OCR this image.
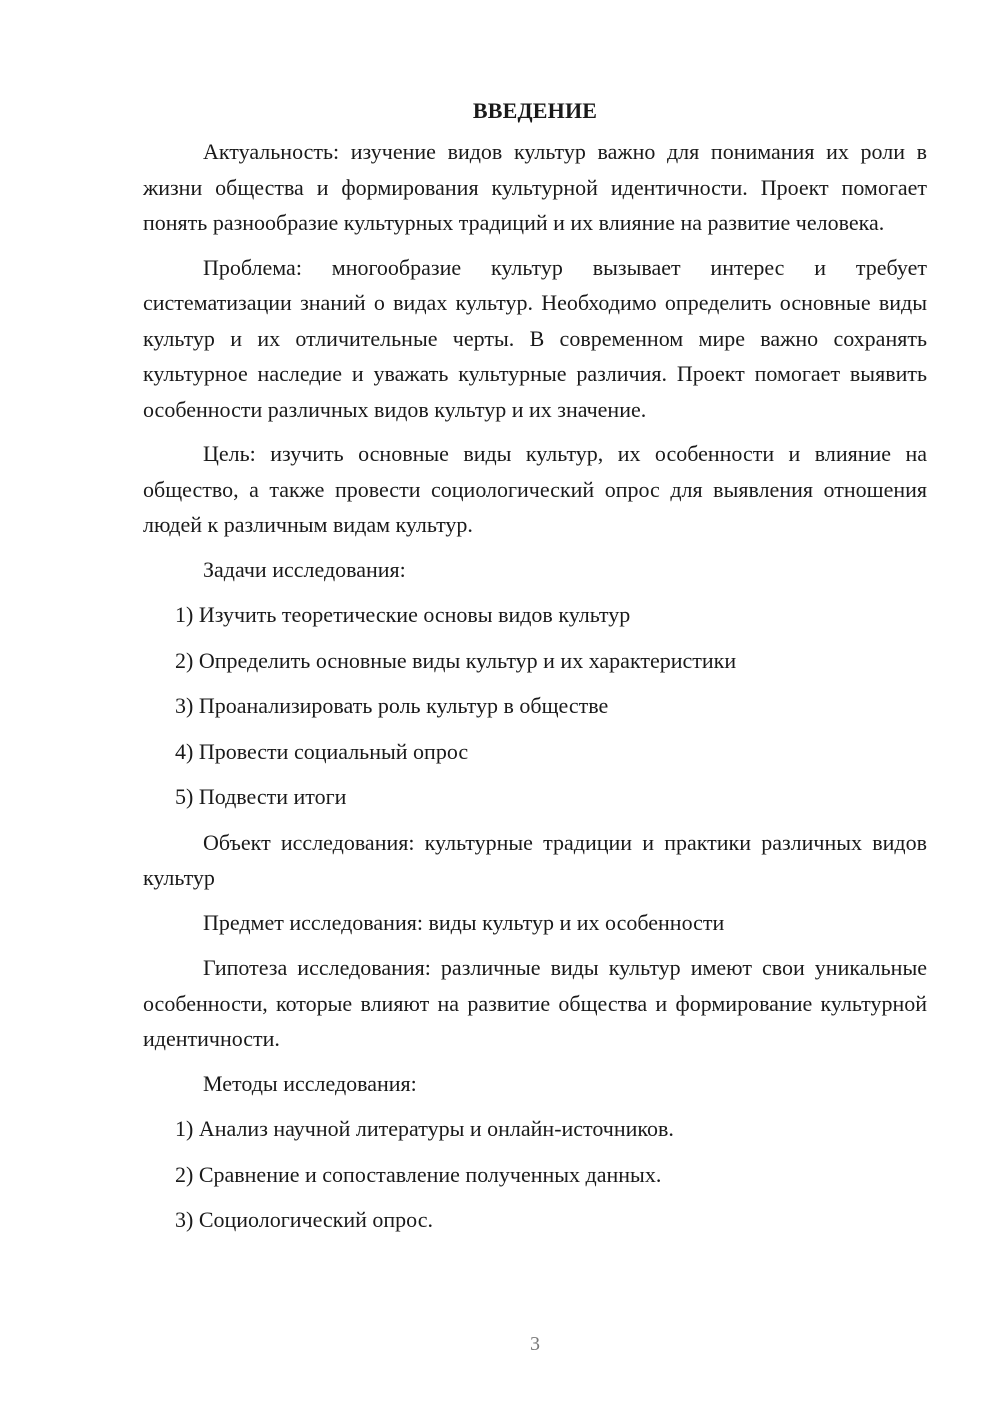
ВВЕДЕНИЕ

Актуальность: изучение видов культур важно для понимания их роли в жизни общества и формирования культурной идентичности. Проект помогает понять разнообразие культурных традиций и их влияние на развитие человека.

Проблема: многообразие культур вызывает интерес и требует систематизации знаний о видах культур. Необходимо определить основные виды культур и их отличительные черты. В современном мире важно сохранять культурное наследие и уважать культурные различия. Проект помогает выявить особенности различных видов культур и их значение.

Цель: изучить основные виды культур, их особенности и влияние на общество, а также провести социологический опрос для выявления отношения людей к различным видам культур.

Задачи исследования:

1) Изучить теоретические основы видов культур

2) Определить основные виды культур и их характеристики

3) Проанализировать роль культур в обществе

4) Провести социальный опрос

5) Подвести итоги

Объект исследования: культурные традиции и практики различных видов культур

Предмет исследования: виды культур и их особенности

Гипотеза исследования: различные виды культур имеют свои уникальные особенности, которые влияют на развитие общества и формирование культурной идентичности.

Методы исследования:

1) Анализ научной литературы и онлайн-источников.

2) Сравнение и сопоставление полученных данных.

3) Социологический опрос.

3
